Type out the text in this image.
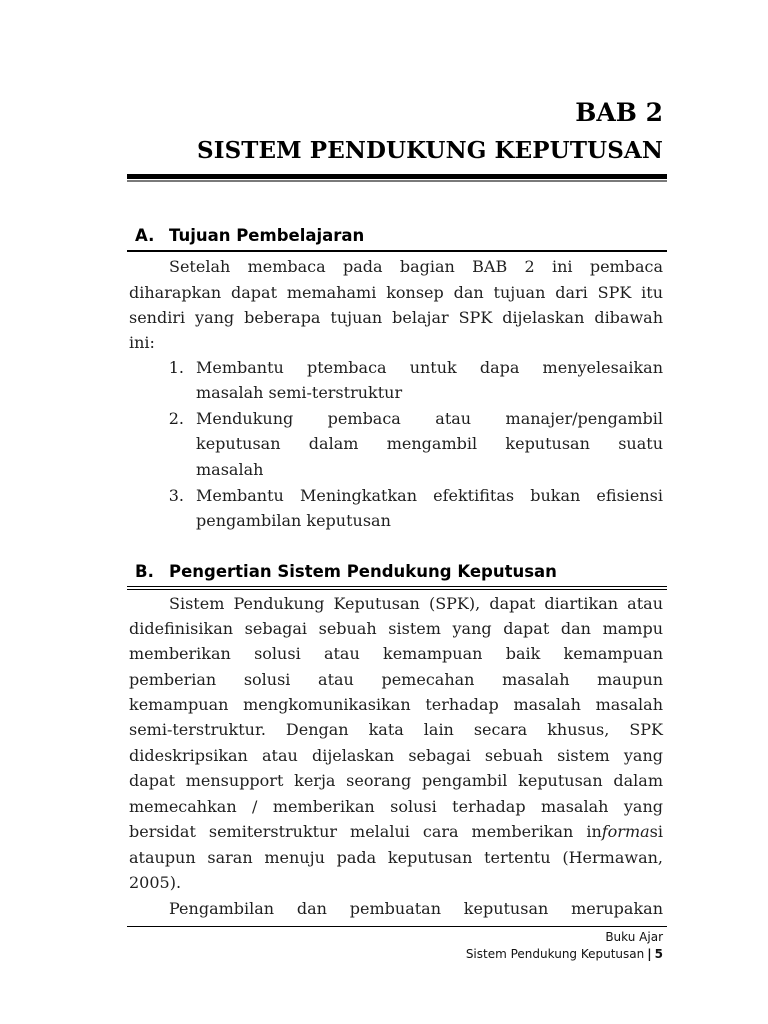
BAB 2
SISTEM PENDUKUNG KEPUTUSAN
A. Tujuan Pembelajaran
Setelah membaca pada bagian BAB 2 ini pembaca
diharapkan dapat memahami konsep dan tujuan dari SPK itu
sendiri yang beberapa tujuan belajar SPK dijelaskan dibawah
ini:
1. Membantu ptembaca untuk dapa menyelesaikan
masalah semi-terstruktur
2. Mendukung pembaca atau manajer/pengambil
keputusan dalam mengambil keputusan suatu
masalah
3. Membantu Meningkatkan efektifitas bukan efisiensi
pengambilan keputusan
B. Pengertian Sistem Pendukung Keputusan
Sistem Pendukung Keputusan (SPK), dapat diartikan atau
didefinisikan sebagai sebuah sistem yang dapat dan mampu
memberikan solusi atau kemampuan baik kemampuan
pemberian solusi atau pemecahan masalah maupun
kemampuan mengkomunikasikan terhadap masalah masalah
semi-terstruktur. Dengan kata lain secara khusus, SPK
dideskripsikan atau dijelaskan sebagai sebuah sistem yang
dapat mensupport kerja seorang pengambil keputusan dalam
memecahkan / memberikan solusi terhadap masalah yang
bersidat semiterstruktur melalui cara memberikan informasi
ataupun saran menuju pada keputusan tertentu (Hermawan,
2005).
Pengambilan dan pembuatan keputusan merupakan
Buku Ajar
Sistem Pendukung Keputusan | 5
